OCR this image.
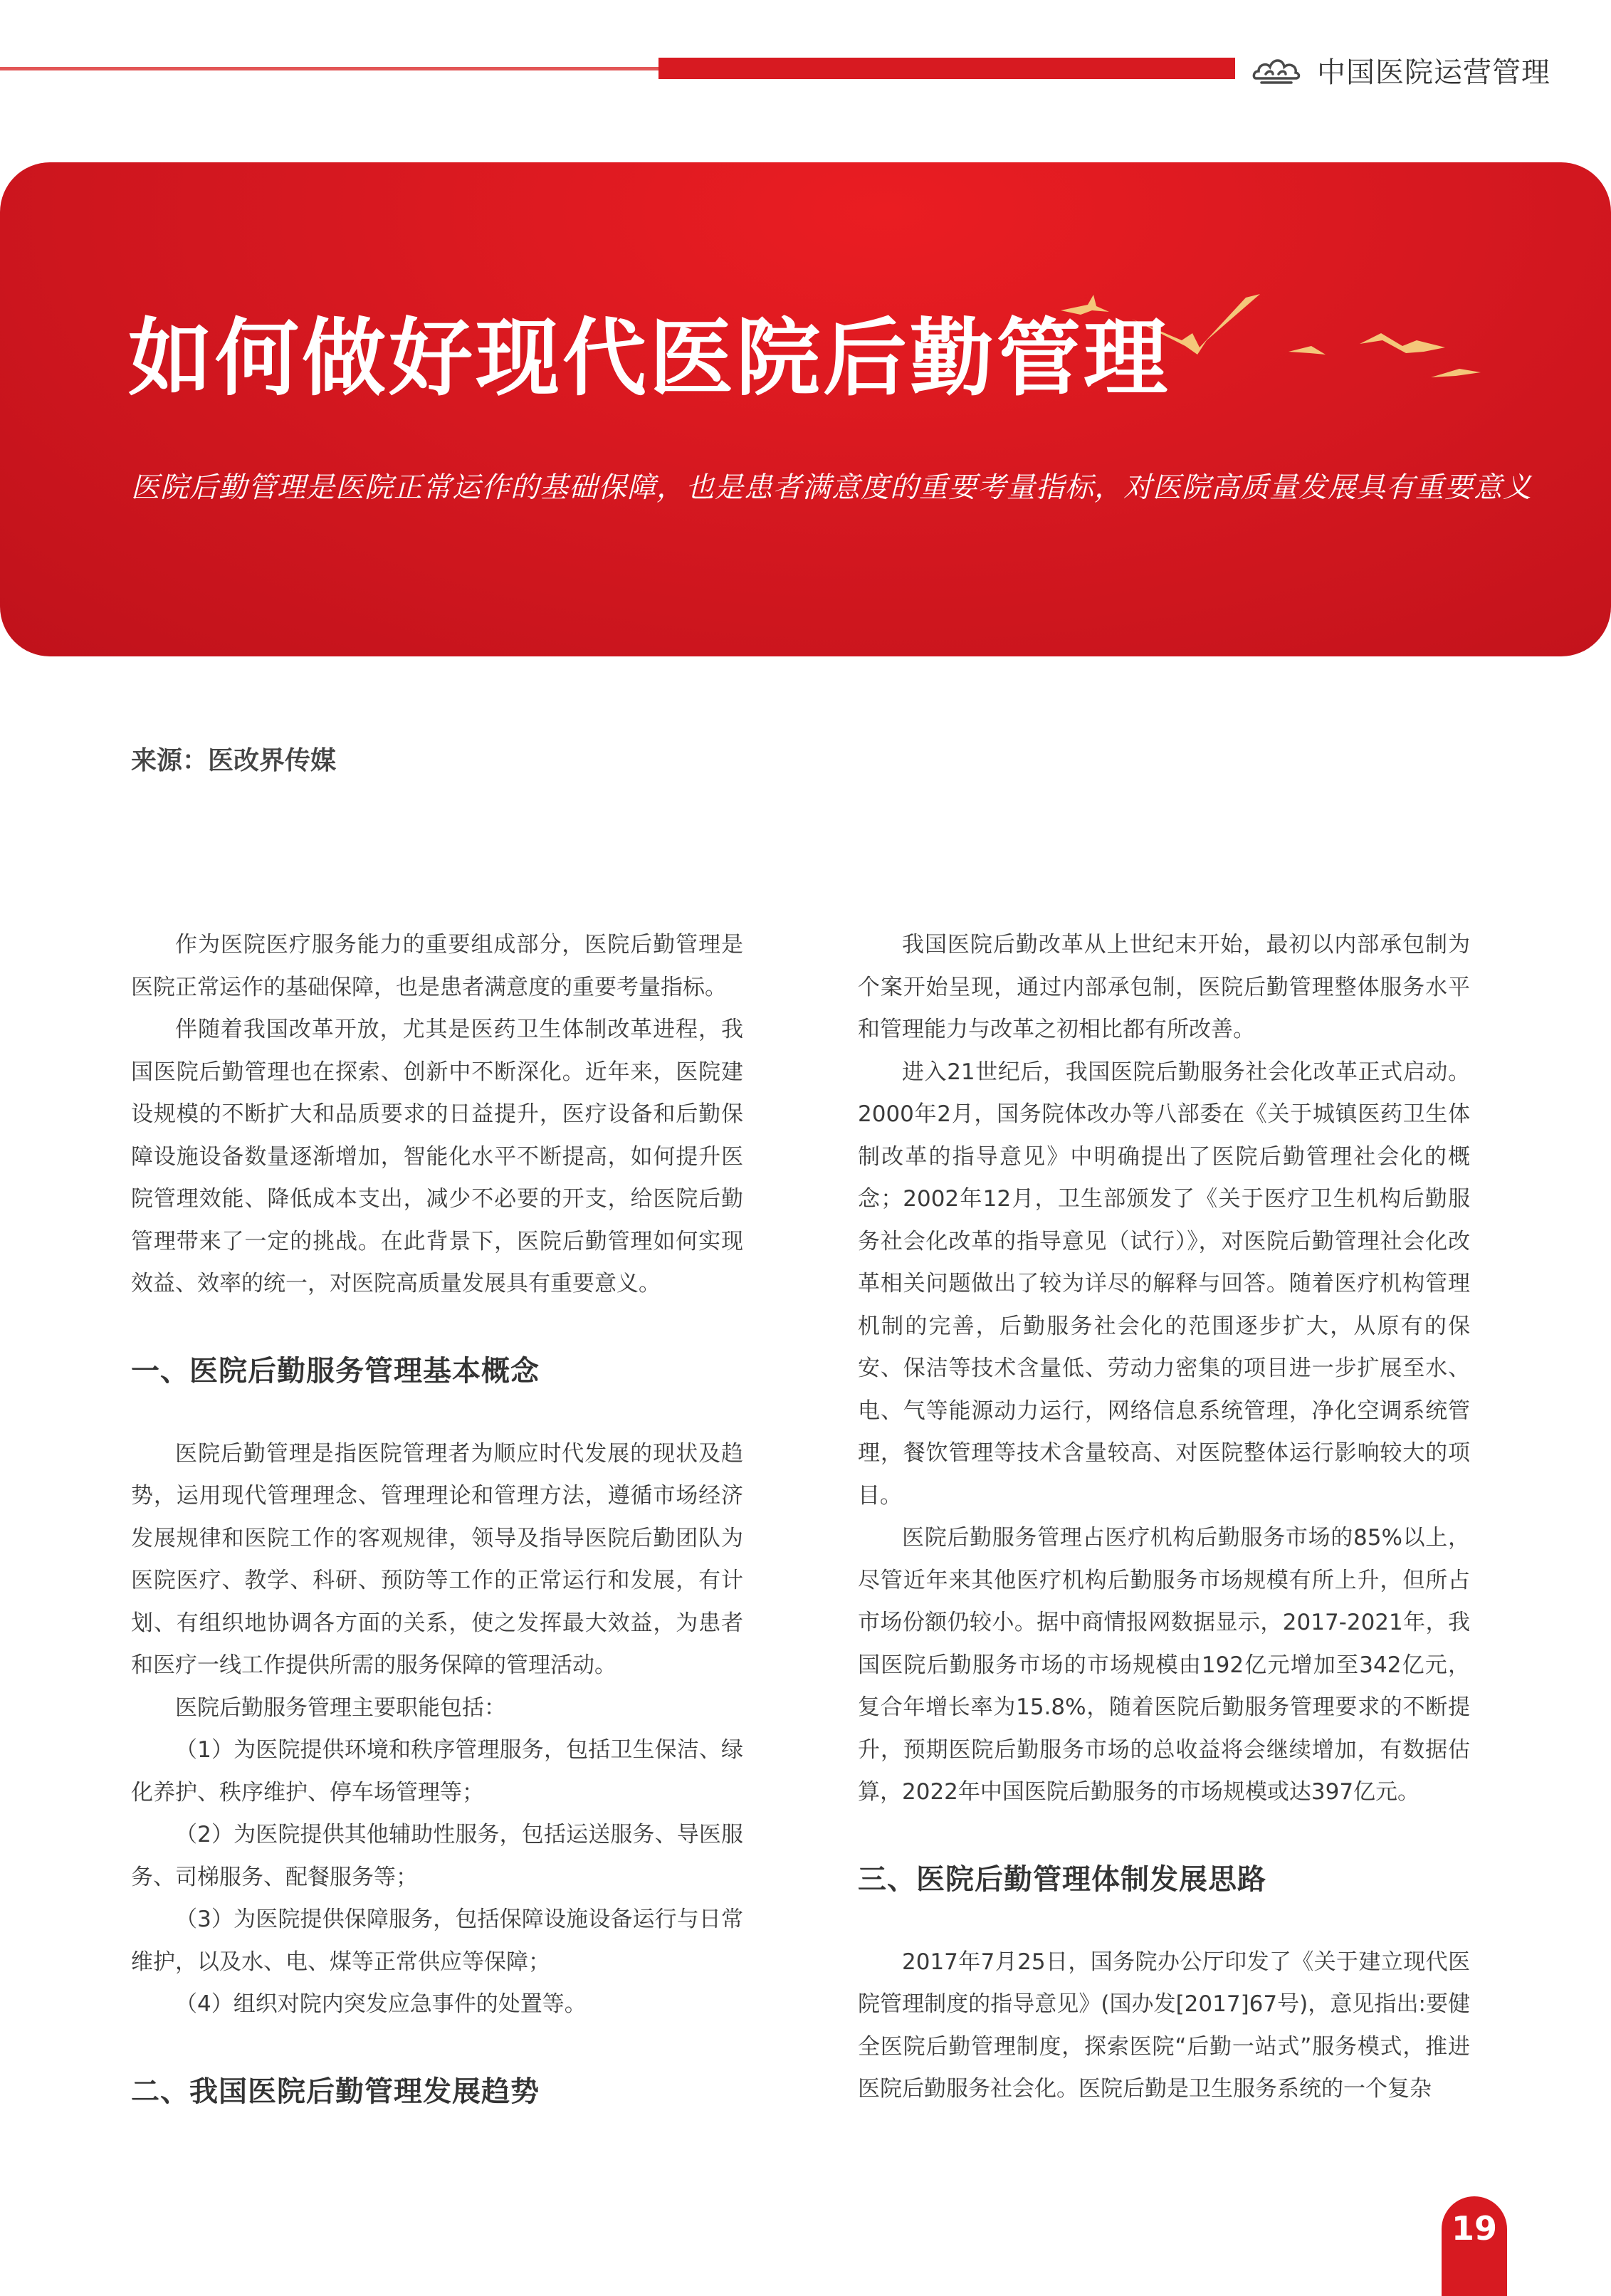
中国医院运营管理
如何做好现代医院后勤管理
医院后勤管理是医院正常运作的基础保障，也是患者满意度的重要考量指标，对医院高质量发展具有重要意义
来源：医改界传媒

作为医院医疗服务能力的重要组成部分，医院后勤管理是医院正常运作的基础保障，也是患者满意度的重要考量指标。

伴随着我国改革开放，尤其是医药卫生体制改革进程，我国医院后勤管理也在探索、创新中不断深化。近年来，医院建设规模的不断扩大和品质要求的日益提升，医疗设备和后勤保障设施设备数量逐渐增加，智能化水平不断提高，如何提升医院管理效能、降低成本支出，减少不必要的开支，给医院后勤管理带来了一定的挑战。在此背景下，医院后勤管理如何实现效益、效率的统一，对医院高质量发展具有重要意义。

一、医院后勤服务管理基本概念

医院后勤管理是指医院管理者为顺应时代发展的现状及趋势，运用现代管理理念、管理理论和管理方法，遵循市场经济发展规律和医院工作的客观规律，领导及指导医院后勤团队为医院医疗、教学、科研、预防等工作的正常运行和发展，有计划、有组织地协调各方面的关系，使之发挥最大效益，为患者和医疗一线工作提供所需的服务保障的管理活动。

医院后勤服务管理主要职能包括：

（1）为医院提供环境和秩序管理服务，包括卫生保洁、绿化养护、秩序维护、停车场管理等；

（2）为医院提供其他辅助性服务，包括运送服务、导医服务、司梯服务、配餐服务等；

（3）为医院提供保障服务，包括保障设施设备运行与日常维护，以及水、电、煤等正常供应等保障；

（4）组织对院内突发应急事件的处置等。

二、我国医院后勤管理发展趋势

我国医院后勤改革从上世纪末开始，最初以内部承包制为个案开始呈现，通过内部承包制，医院后勤管理整体服务水平和管理能力与改革之初相比都有所改善。

进入21世纪后，我国医院后勤服务社会化改革正式启动。2000年2月，国务院体改办等八部委在《关于城镇医药卫生体制改革的指导意见》中明确提出了医院后勤管理社会化的概念；2002年12月，卫生部颁发了《关于医疗卫生机构后勤服务社会化改革的指导意见（试行）》，对医院后勤管理社会化改革相关问题做出了较为详尽的解释与回答。随着医疗机构管理机制的完善，后勤服务社会化的范围逐步扩大，从原有的保安、保洁等技术含量低、劳动力密集的项目进一步扩展至水、电、气等能源动力运行，网络信息系统管理，净化空调系统管理，餐饮管理等技术含量较高、对医院整体运行影响较大的项目。

医院后勤服务管理占医疗机构后勤服务市场的85%以上，尽管近年来其他医疗机构后勤服务市场规模有所上升，但所占市场份额仍较小。据中商情报网数据显示，2017-2021年，我国医院后勤服务市场的市场规模由192亿元增加至342亿元，复合年增长率为15.8%，随着医院后勤服务管理要求的不断提升，预期医院后勤服务市场的总收益将会继续增加，有数据估算，2022年中国医院后勤服务的市场规模或达397亿元。

三、医院后勤管理体制发展思路

2017年7月25日，国务院办公厅印发了《关于建立现代医院管理制度的指导意见》(国办发[2017]67号)，意见指出:要健全医院后勤管理制度，探索医院“后勤一站式”服务模式，推进医院后勤服务社会化。医院后勤是卫生服务系统的一个复杂

19
